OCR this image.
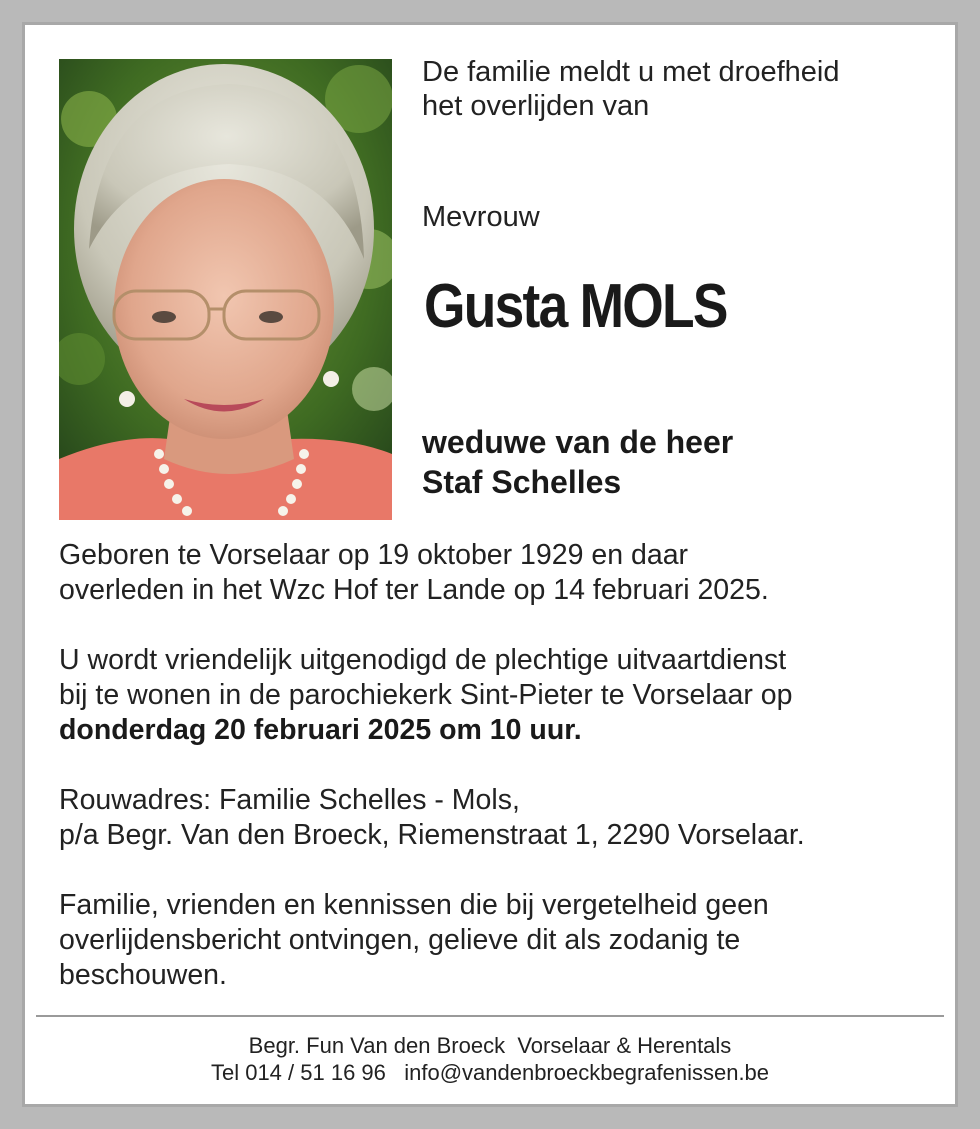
De familie meldt u met droefheid
het overlijden van
Mevrouw
Gusta MOLS
weduwe van de heer
Staf Schelles
Geboren te Vorselaar op 19 oktober 1929 en daar
overleden in het Wzc Hof ter Lande op 14 februari 2025.
U wordt vriendelijk uitgenodigd de plechtige uitvaartdienst
bij te wonen in de parochiekerk Sint-Pieter te Vorselaar op
donderdag 20 februari 2025 om 10 uur.
Rouwadres: Familie Schelles - Mols,
p/a Begr. Van den Broeck, Riemenstraat 1, 2290 Vorselaar.
Familie, vrienden en kennissen die bij vergetelheid geen
overlijdensbericht ontvingen, gelieve dit als zodanig te
beschouwen.
Begr. Fun Van den Broeck  Vorselaar & Herentals
Tel 014 / 51 16 96   info@vandenbroeckbegrafenissen.be
